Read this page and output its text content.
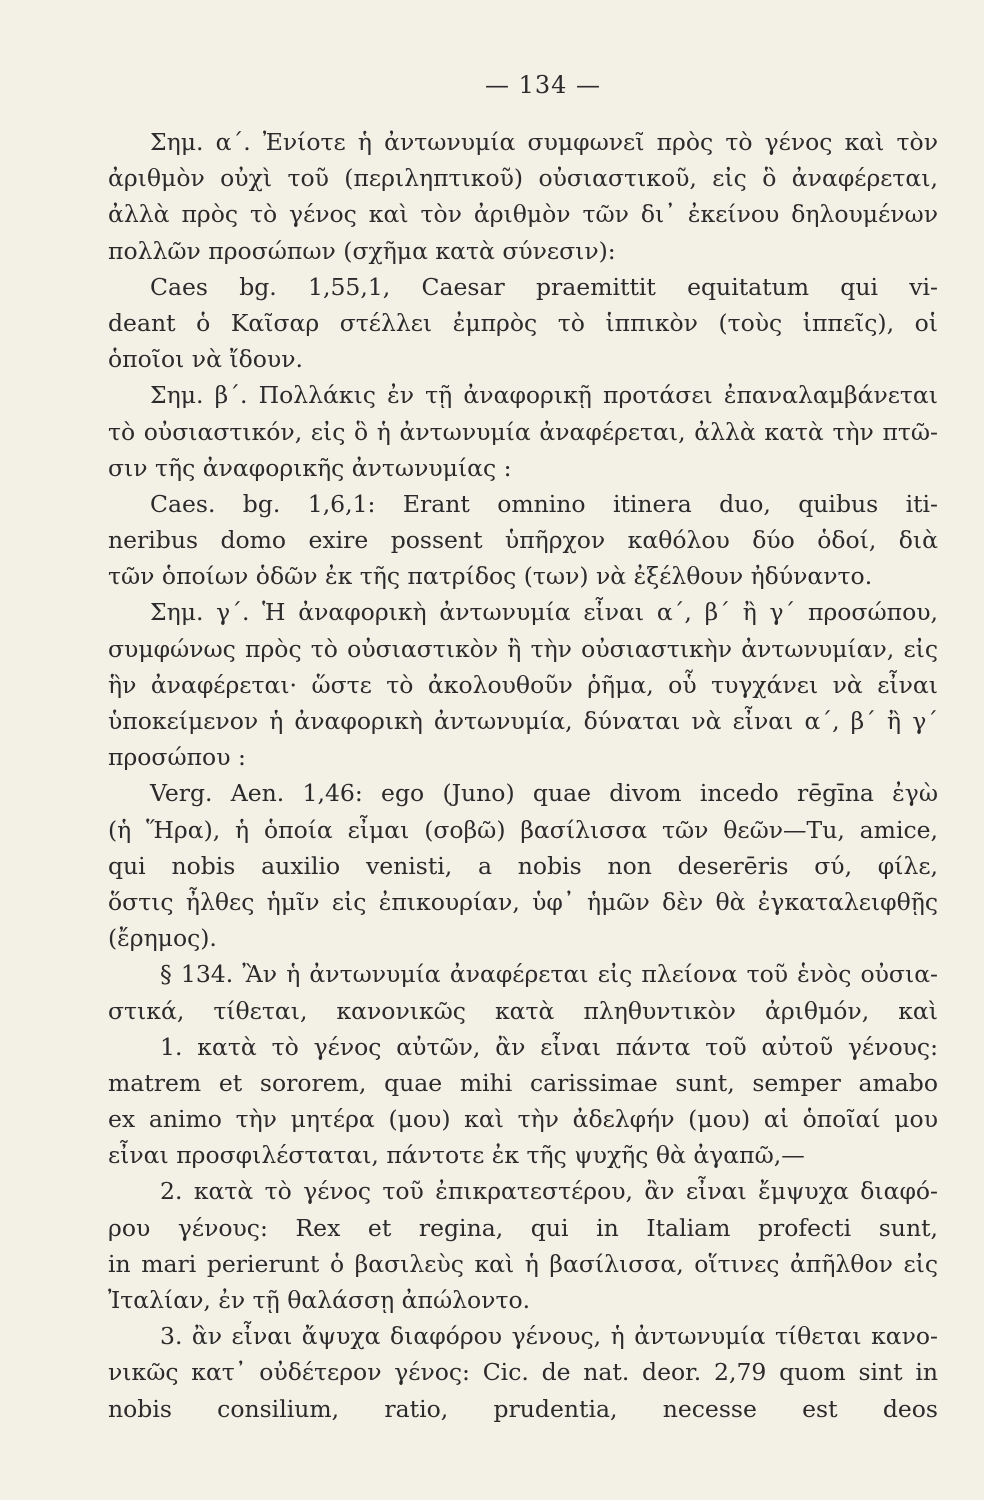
— 134 —
Σημ. α΄. Ἐνίοτε ἡ ἀντωνυμία συμφωνεῖ πρὸς τὸ γένος καὶ τὸν
ἀριθμὸν οὐχὶ τοῦ (περιληπτικοῦ) οὐσιαστικοῦ, εἰς ὃ ἀναφέρεται,
ἀλλὰ πρὸς τὸ γένος καὶ τὸν ἀριθμὸν τῶν δι᾽ ἐκείνου δηλουμένων
πολλῶν προσώπων (σχῆμα κατὰ σύνεσιν):
Caes bg. 1,55,1, Caesar praemittit equitatum qui vi-
deant ὁ Καῖσαρ στέλλει ἐμπρὸς τὸ ἱππικὸν (τοὺς ἱππεῖς), οἱ
ὁποῖοι νὰ ἴδουν.
Σημ. β΄. Πολλάκις ἐν τῇ ἀναφορικῇ προτάσει ἐπαναλαμβάνεται
τὸ οὐσιαστικόν, εἰς ὃ ἡ ἀντωνυμία ἀναφέρεται, ἀλλὰ κατὰ τὴν πτῶ-
σιν τῆς ἀναφορικῆς ἀντωνυμίας :
Caes. bg. 1,6,1: Erant omnino itinera duo, quibus iti-
neribus domo exire possent ὑπῆρχον καθόλου δύο ὁδοί, διὰ
τῶν ὁποίων ὁδῶν ἐκ τῆς πατρίδος (των) νὰ ἐξέλθουν ἠδύναντο.
Σημ. γ΄. Ἡ ἀναφορικὴ ἀντωνυμία εἶναι α΄, β΄ ἢ γ΄ προσώπου,
συμφώνως πρὸς τὸ οὐσιαστικὸν ἢ τὴν οὐσιαστικὴν ἀντωνυμίαν, εἰς
ἣν ἀναφέρεται· ὥστε τὸ ἀκολουθοῦν ῥῆμα, οὗ τυγχάνει νὰ εἶναι
ὑποκείμενον ἡ ἀναφορικὴ ἀντωνυμία, δύναται νὰ εἶναι α΄, β΄ ἢ γ΄
προσώπου :
Verg. Aen. 1,46: ego (Juno) quae divom incedo rēgīna ἐγὼ
(ἡ Ἥρα), ἡ ὁποία εἶμαι (σοβῶ) βασίλισσα τῶν θεῶν—Tu, amice,
qui nobis auxilio venisti, a nobis non deserēris σύ, φίλε,
ὅστις ἦλθες ἡμῖν εἰς ἐπικουρίαν, ὑφ᾽ ἡμῶν δὲν θὰ ἐγκαταλειφθῇς
(ἔρημος).
§ 134. Ἂν ἡ ἀντωνυμία ἀναφέρεται εἰς πλείονα τοῦ ἑνὸς οὐσια-
στικά, τίθεται, κανονικῶς κατὰ πληθυντικὸν ἀριθμόν, καὶ
1. κατὰ τὸ γένος αὐτῶν, ἂν εἶναι πάντα τοῦ αὐτοῦ γένους:
matrem et sororem, quae mihi carissimae sunt, semper amabo
ex animo τὴν μητέρα (μου) καὶ τὴν ἀδελφήν (μου) αἱ ὁποῖαί μου
εἶναι προσφιλέσταται, πάντοτε ἐκ τῆς ψυχῆς θὰ ἀγαπῶ,—
2. κατὰ τὸ γένος τοῦ ἐπικρατεστέρου, ἂν εἶναι ἔμψυχα διαφό-
ρου γένους: Rex et regina, qui in Italiam profecti sunt,
in mari perierunt ὁ βασιλεὺς καὶ ἡ βασίλισσα, οἵτινες ἀπῆλθον εἰς
Ἰταλίαν, ἐν τῇ θαλάσσῃ ἀπώλοντο.
3. ἂν εἶναι ἄψυχα διαφόρου γένους, ἡ ἀντωνυμία τίθεται κανο-
νικῶς κατ᾽ οὐδέτερον γένος: Cic. de nat. deor. 2,79 quom sint in
nobis consilium, ratio, prudentia, necesse est deos
